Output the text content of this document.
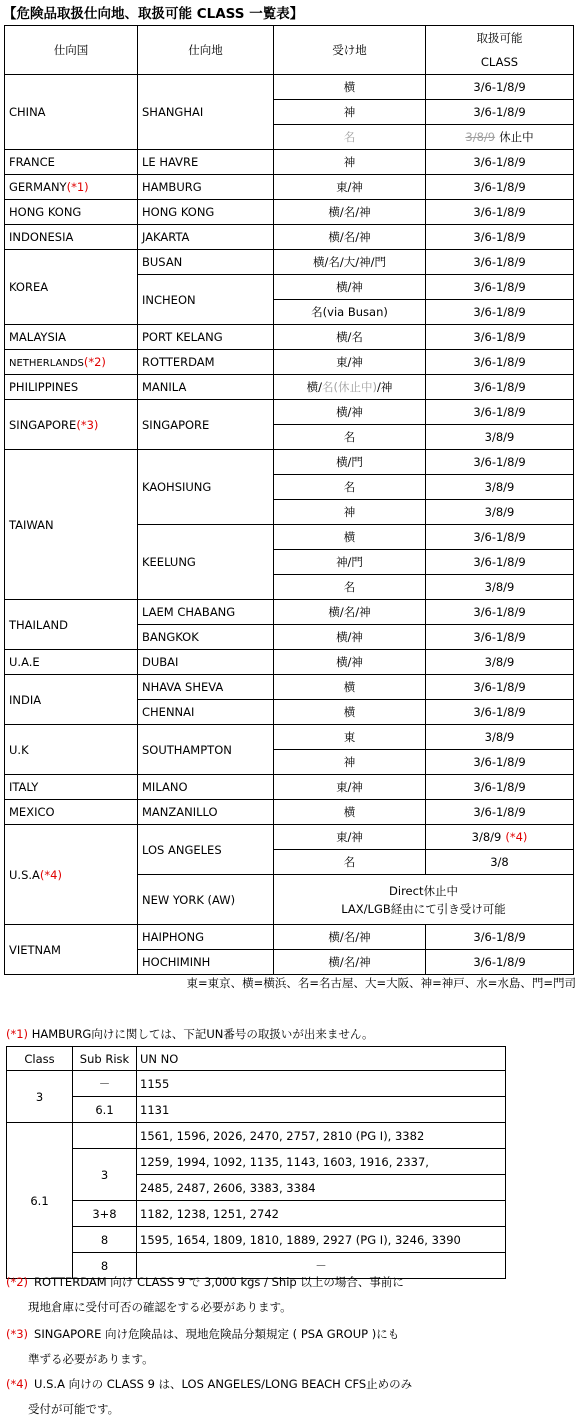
【危険品取扱仕向地、取扱可能 CLASS 一覧表】
仕向国	仕向地	受け地	取扱可能
CLASS
CHINA	SHANGHAI	横	3/6-1/8/9
		神	3/6-1/8/9
		名	3/8/9 休止中
FRANCE	LE HAVRE	神	3/6-1/8/9
GERMANY(*1)	HAMBURG	東/神	3/6-1/8/9
HONG KONG	HONG KONG	横/名/神	3/6-1/8/9
INDONESIA	JAKARTA	横/名/神	3/6-1/8/9
KOREA	BUSAN	横/名/大/神/門	3/6-1/8/9
	INCHEON	横/神	3/6-1/8/9
		名(via Busan)	3/6-1/8/9
MALAYSIA	PORT KELANG	横/名	3/6-1/8/9
NETHERLANDS(*2)	ROTTERDAM	東/神	3/6-1/8/9
PHILIPPINES	MANILA	横/名(休止中)/神	3/6-1/8/9
SINGAPORE(*3)	SINGAPORE	横/神	3/6-1/8/9
		名	3/8/9
TAIWAN	KAOHSIUNG	横/門	3/6-1/8/9
		名	3/8/9
		神	3/8/9
	KEELUNG	横	3/6-1/8/9
		神/門	3/6-1/8/9
		名	3/8/9
THAILAND	LAEM CHABANG	横/名/神	3/6-1/8/9
	BANGKOK	横/神	3/6-1/8/9
U.A.E	DUBAI	横/神	3/8/9
INDIA	NHAVA SHEVA	横	3/6-1/8/9
	CHENNAI	横	3/6-1/8/9
U.K	SOUTHAMPTON	東	3/8/9
		神	3/6-1/8/9
ITALY	MILANO	東/神	3/6-1/8/9
MEXICO	MANZANILLO	横	3/6-1/8/9
U.S.A(*4)	LOS ANGELES	東/神	3/8/9 (*4)
		名	3/8
	NEW YORK (AW)	Direct休止中
LAX/LGB経由にて引き受け可能	

VIETNAM	HAIPHONG	横/名/神	3/6-1/8/9
	HOCHIMINH	横/名/神	3/6-1/8/9
東=東京、横=横浜、名=名古屋、大=大阪、神=神戸、水=水島、門=門司
(*1) HAMBURG向けに関しては、下記UN番号の取扱いが出来ません。
Class	Sub Risk	UN NO	
3	－	1155	
	6.1	1131	
6.1		1561, 1596, 2026, 2470, 2757, 2810 (PG I), 3382	
	3	1259, 1994, 1092, 1135, 1143, 1603, 1916, 2337,	
		2485, 2487, 2606, 3383, 3384	
	3+8	1182, 1238, 1251, 2742	
	8	1595, 1654, 1809, 1810, 1889, 2927 (PG I), 3246, 3390	
	8	－	
(*2) ROTTERDAM 向け CLASS 9 で 3,000 kgs / Ship 以上の場合、事前に
現地倉庫に受付可否の確認をする必要があります。
(*3) SINGAPORE 向け危険品は、現地危険品分類規定 ( PSA GROUP )にも
準ずる必要があります。
(*4) U.S.A 向けの CLASS 9 は、LOS ANGELES/LONG BEACH CFS止めのみ
受付が可能です。
